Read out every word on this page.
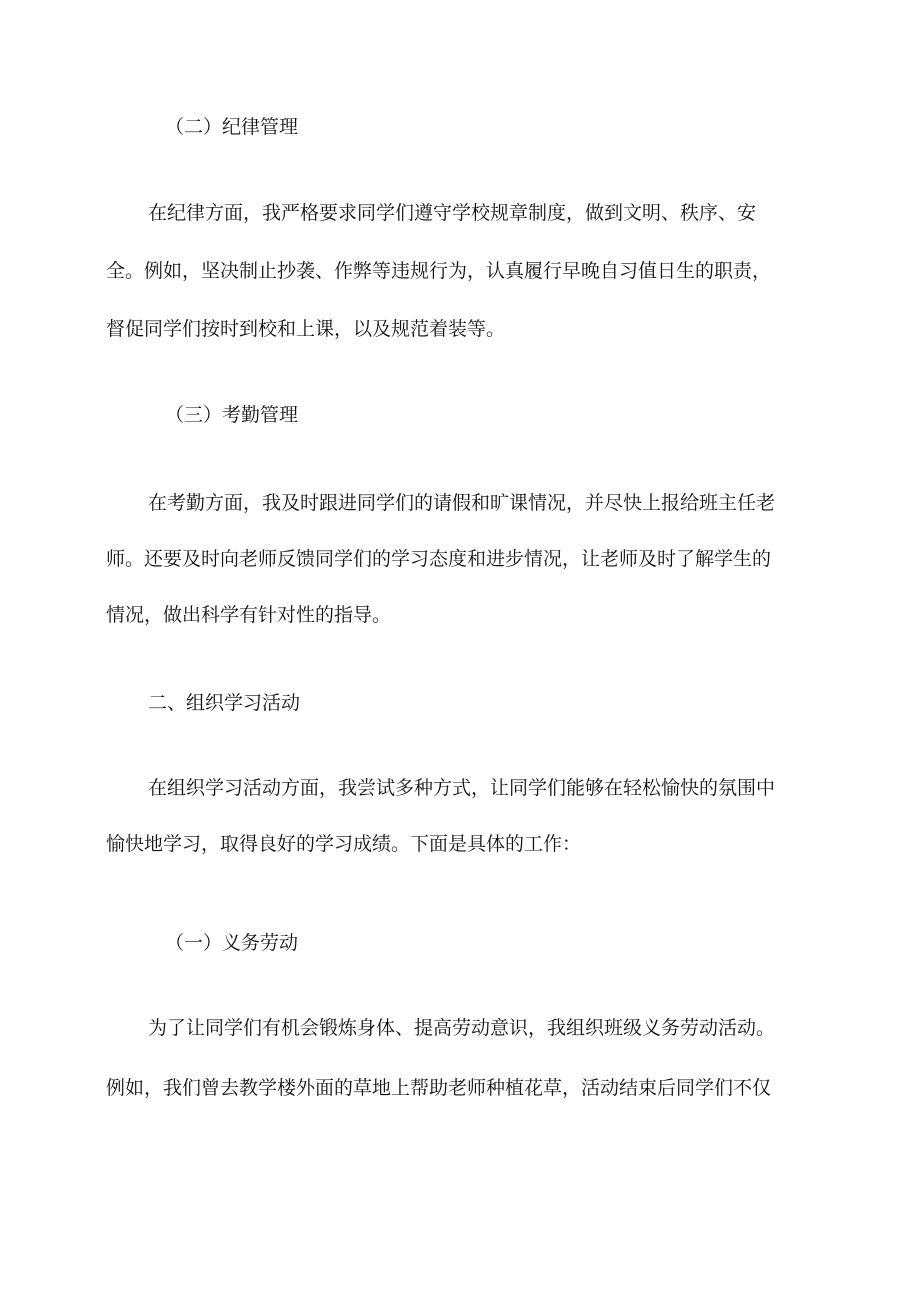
（二）纪律管理

在纪律方面，我严格要求同学们遵守学校规章制度，做到文明、秩序、安
全。例如，坚决制止抄袭、作弊等违规行为，认真履行早晚自习值日生的职责，
督促同学们按时到校和上课，以及规范着装等。

（三）考勤管理

在考勤方面，我及时跟进同学们的请假和旷课情况，并尽快上报给班主任老
师。还要及时向老师反馈同学们的学习态度和进步情况，让老师及时了解学生的
情况，做出科学有针对性的指导。

二、组织学习活动

在组织学习活动方面，我尝试多种方式，让同学们能够在轻松愉快的氛围中
愉快地学习，取得良好的学习成绩。下面是具体的工作：

（一）义务劳动

为了让同学们有机会锻炼身体、提高劳动意识，我组织班级义务劳动活动。
例如，我们曾去教学楼外面的草地上帮助老师种植花草，活动结束后同学们不仅
